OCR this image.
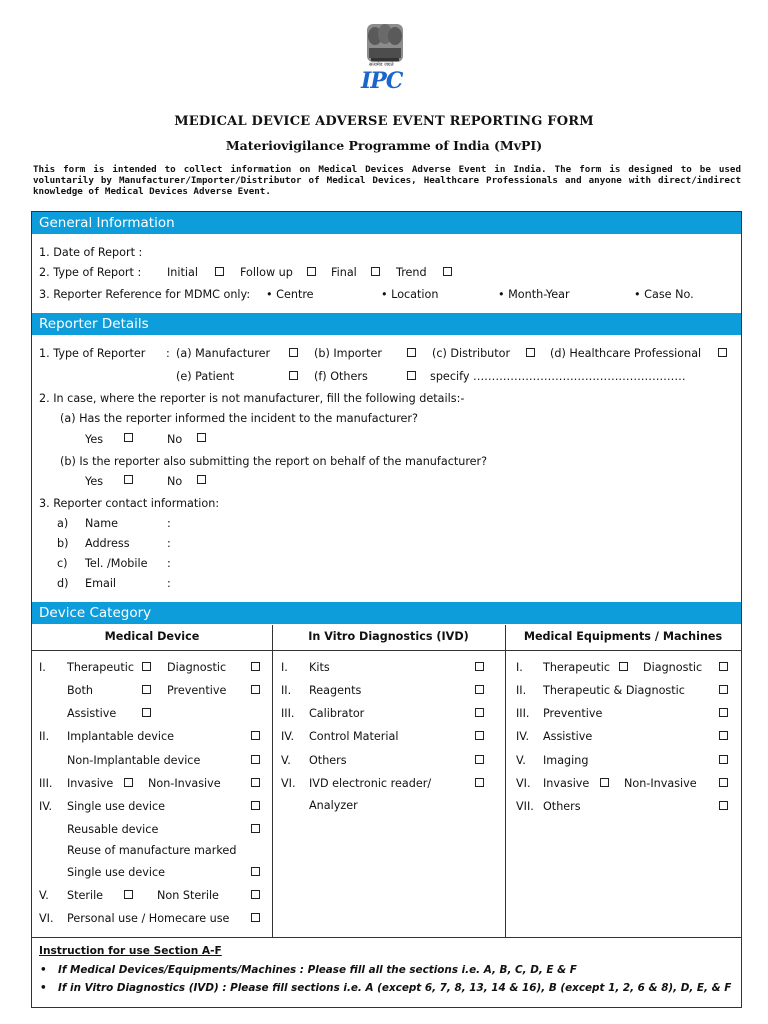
सत्यमेव जयते
IPC
MEDICAL DEVICE ADVERSE EVENT REPORTING FORM
Materiovigilance Programme of India (MvPI)
This form is intended to collect information on Medical Devices Adverse Event in India. The form is designed to be used voluntarily by Manufacturer/Importer/Distributor of Medical Devices, Healthcare Professionals and anyone with direct/indirect knowledge of Medical Devices Adverse Event.
General Information
1. Date of Report :
2. Type of Report : Initial	Follow up	Final	Trend
3. Reporter Reference for MDMC only: • Centre	• Location	• Month-Year	• Case No.
Reporter Details
1. Type of Reporter : (a) Manufacturer	(b) Importer	(c) Distributor	(d) Healthcare Professional
(e) Patient	(f) Others	specify …………………………………………………
2. In case, where the reporter is not manufacturer, fill the following details:-
(a) Has the reporter informed the incident to the manufacturer?
Yes	No
(b) Is the reporter also submitting the report on behalf of the manufacturer?
Yes	No
3. Reporter contact information:
a) Name	:
b) Address	:
c) Tel. /Mobile :
d) Email	:
Device Category
Medical Device	In Vitro Diagnostics (IVD)	Medical Equipments / Machines
I. Therapeutic	Diagnostic
Both	Preventive
Assistive
II. Implantable device
Non-Implantable device
III. Invasive	Non-Invasive
IV. Single use device
Reusable device
Reuse of manufacture marked
Single use device
V. Sterile	Non Sterile
VI. Personal use / Homecare use
I. Kits
II. Reagents
III. Calibrator
IV. Control Material
V. Others
VI. IVD electronic reader/
Analyzer
I. Therapeutic	Diagnostic
II. Therapeutic & Diagnostic
III. Preventive
IV. Assistive
V. Imaging
VI. Invasive	Non-Invasive
VII. Others
Instruction for use Section A-F
• If Medical Devices/Equipments/Machines : Please fill all the sections i.e. A, B, C, D, E & F
• If in Vitro Diagnostics (IVD) : Please fill sections i.e. A (except 6, 7, 8, 13, 14 & 16), B (except 1, 2, 6 & 8), D, E, & F
